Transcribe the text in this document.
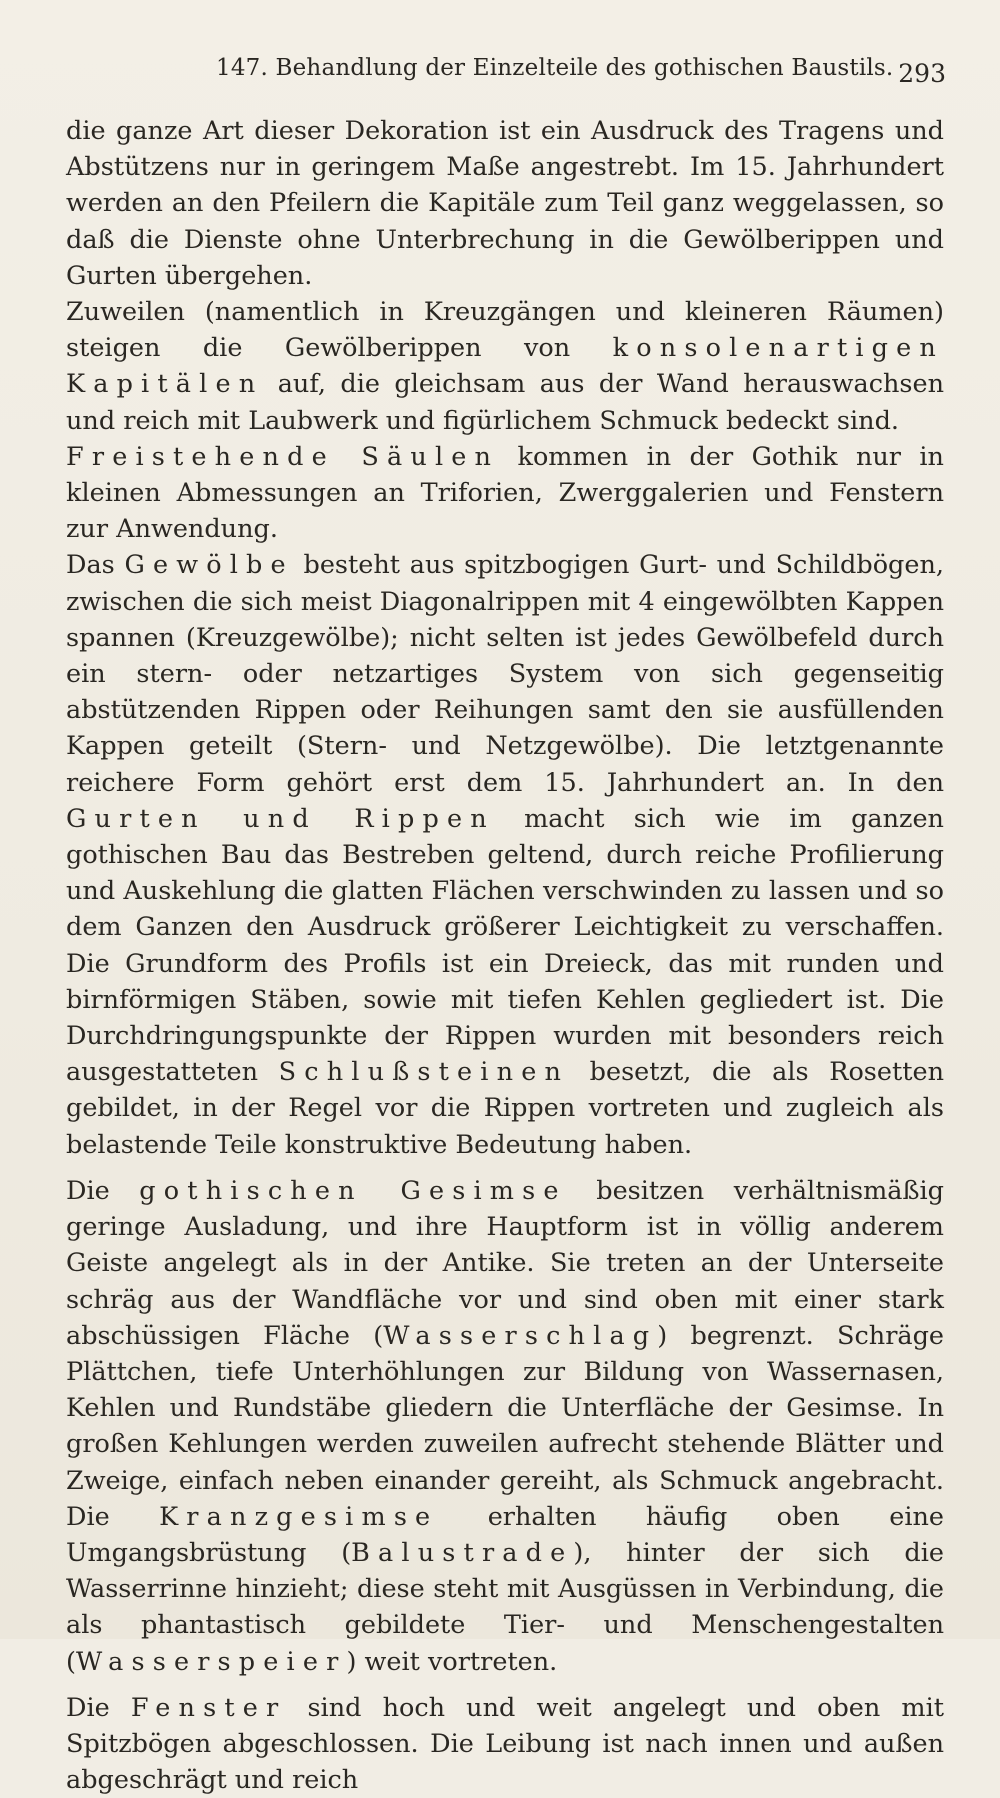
147. Behandlung der Einzelteile des gothischen Baustils. 293

die ganze Art dieser Dekoration ist ein Ausdruck des Tragens und Abstützens nur in geringem Maße angestrebt. Im 15. Jahrhundert werden an den Pfeilern die Kapitäle zum Teil ganz weggelassen, so daß die Dienste ohne Unterbrechung in die Gewölberippen und Gurten übergehen.

Zuweilen (namentlich in Kreuzgängen und kleineren Räumen) steigen die Gewölberippen von konsolenartigen Kapitälen auf, die gleichsam aus der Wand herauswachsen und reich mit Laubwerk und figürlichem Schmuck bedeckt sind.

Freistehende Säulen kommen in der Gothik nur in kleinen Abmessungen an Triforien, Zwerggalerien und Fenstern zur Anwendung.

Das Gewölbe besteht aus spitzbogigen Gurt- und Schildbögen, zwischen die sich meist Diagonalrippen mit 4 eingewölbten Kappen spannen (Kreuzgewölbe); nicht selten ist jedes Gewölbefeld durch ein stern- oder netzartiges System von sich gegenseitig abstützenden Rippen oder Reihungen samt den sie ausfüllenden Kappen geteilt (Stern- und Netzgewölbe). Die letztgenannte reichere Form gehört erst dem 15. Jahrhundert an. In den Gurten und Rippen macht sich wie im ganzen gothischen Bau das Bestreben geltend, durch reiche Profilierung und Auskehlung die glatten Flächen verschwinden zu lassen und so dem Ganzen den Ausdruck größerer Leichtigkeit zu verschaffen. Die Grundform des Profils ist ein Dreieck, das mit runden und birnförmigen Stäben, sowie mit tiefen Kehlen gegliedert ist. Die Durchdringungspunkte der Rippen wurden mit besonders reich ausgestatteten Schlußsteinen besetzt, die als Rosetten gebildet, in der Regel vor die Rippen vortreten und zugleich als belastende Teile konstruktive Bedeutung haben.

Die gothischen Gesimse besitzen verhältnismäßig geringe Ausladung, und ihre Hauptform ist in völlig anderem Geiste angelegt als in der Antike. Sie treten an der Unterseite schräg aus der Wandfläche vor und sind oben mit einer stark abschüssigen Fläche (Wasserschlag) begrenzt. Schräge Plättchen, tiefe Unterhöhlungen zur Bildung von Wassernasen, Kehlen und Rundstäbe gliedern die Unterfläche der Gesimse. In großen Kehlungen werden zuweilen aufrecht stehende Blätter und Zweige, einfach neben einander gereiht, als Schmuck angebracht. Die Kranzgesimse erhalten häufig oben eine Umgangsbrüstung (Balustrade), hinter der sich die Wasserrinne hinzieht; diese steht mit Ausgüssen in Verbindung, die als phantastisch gebildete Tier- und Menschengestalten (Wasserspeier) weit vortreten.

Die Fenster sind hoch und weit angelegt und oben mit Spitzbögen abgeschlossen. Die Leibung ist nach innen und außen abgeschrägt und reich
